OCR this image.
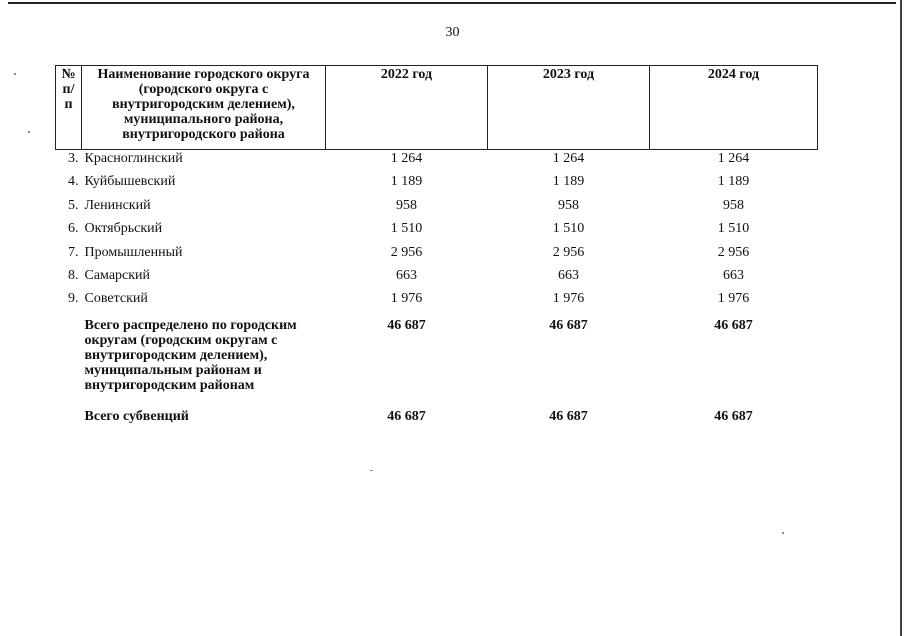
30
№ п/п	Наименование городского округа (городского округа с внутригородским делением), муниципального района, внутригородского района	2022 год	2023 год	2024 год
3.	Красноглинский	1 264	1 264	1 264
4.	Куйбышевский	1 189	1 189	1 189
5.	Ленинский	958	958	958
6.	Октябрьский	1 510	1 510	1 510
7.	Промышленный	2 956	2 956	2 956
8.	Самарский	663	663	663
9.	Советский	1 976	1 976	1 976
	Всего распределено по городским округам (городским округам с внутригородским делением), муниципальным районам и внутригородским районам	46 687	46 687	46 687
	Всего субвенций	46 687	46 687	46 687
